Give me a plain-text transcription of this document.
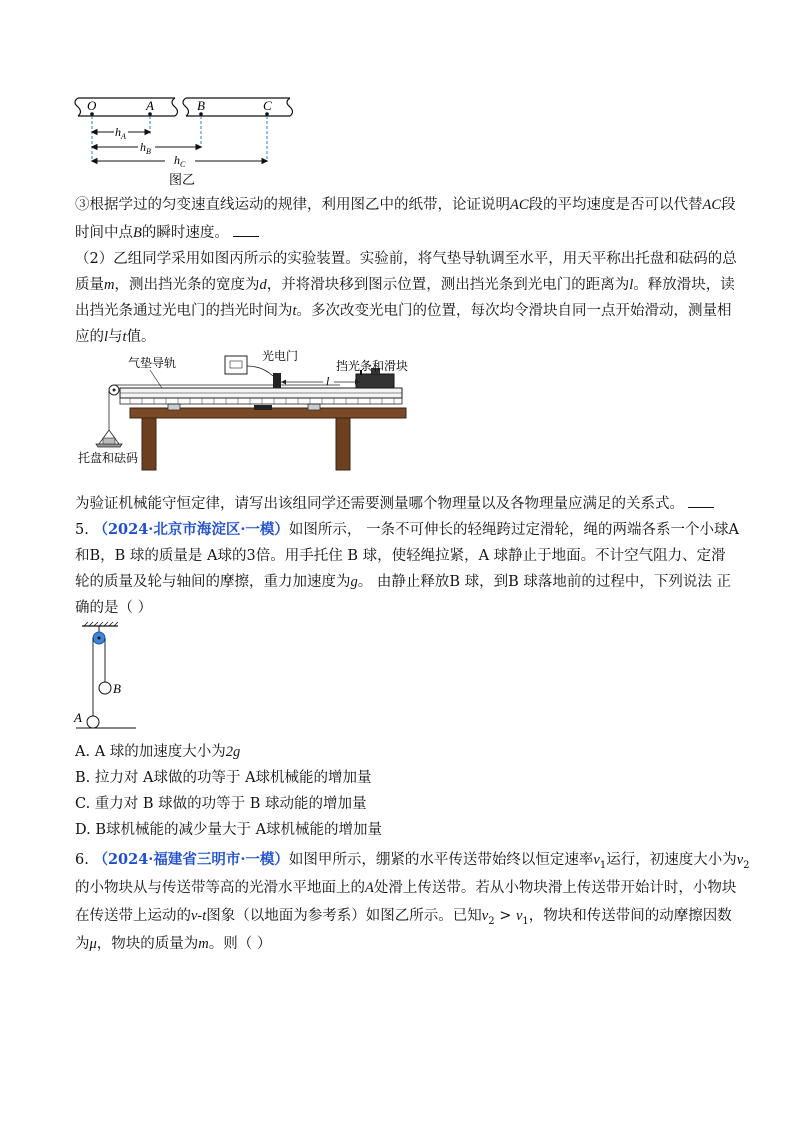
O	A	B	C
$h_A$
$h_B$
$h_C$
图乙
③根据学过的匀变速直线运动的规律，利用图乙中的纸带，论证说明AC段的平均速度是否可以代替AC段
时间中点B的瞬时速度。
（2）乙组同学采用如图丙所示的实验装置。实验前，将气垫导轨调至水平，用天平称出托盘和砝码的总
质量m，测出挡光条的宽度为d，并将滑块移到图示位置，测出挡光条到光电门的距离为l。释放滑块，读
出挡光条通过光电门的挡光时间为t。多次改变光电门的位置，每次均令滑块自同一点开始滑动，测量相
应的l与t值。
l
气垫导轨	光电门
挡光条和滑块
托盘和砝码
为验证机械能守恒定律，请写出该组同学还需要测量哪个物理量以及各物理量应满足的关系式。
5. （2024·北京市海淀区·一模）如图所示， 一条不可伸长的轻绳跨过定滑轮，绳的两端各系一个小球A
和B，B 球的质量是 A球的3倍。用手托住 B 球，使轻绳拉紧，A 球静止于地面。不计空气阻力、定滑
轮的质量及轮与轴间的摩擦，重力加速度为g。 由静止释放B 球，到B 球落地前的过程中，下列说法 正
确的是（ ）
B
A
A. A 球的加速度大小为2g
B. 拉力对 A球做的功等于 A球机械能的增加量
C. 重力对 B 球做的功等于 B 球动能的增加量
D. B球机械能的减少量大于 A球机械能的增加量
6. （2024·福建省三明市·一模）如图甲所示，绷紧的水平传送带始终以恒定速率$v_1$运行，初速度大小为$v_2$
的小物块从与传送带等高的光滑水平地面上的A处滑上传送带。若从小物块滑上传送带开始计时，小物块
在传送带上运动的v-t图象（以地面为参考系）如图乙所示。已知$v_2 > v_1$，物块和传送带间的动摩擦因数
为μ，物块的质量为m。则（ ）
